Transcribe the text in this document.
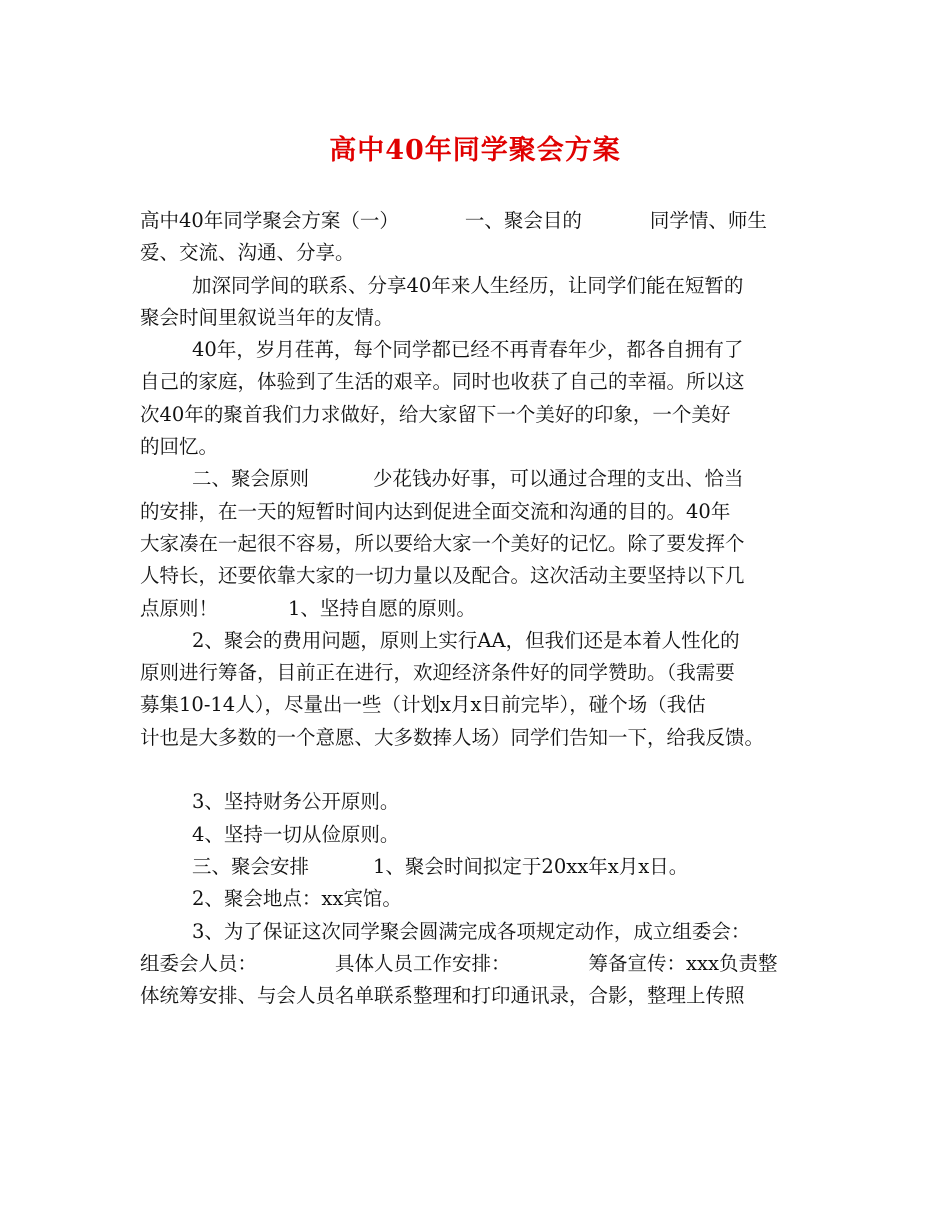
高中40年同学聚会方案
高中40年同学聚会方案（一）	一、聚会目的	同学情、师生
爱、交流、沟通、分享。
加深同学间的联系、分享40年来人生经历，让同学们能在短暂的
聚会时间里叙说当年的友情。
40年，岁月荏苒，每个同学都已经不再青春年少，都各自拥有了
自己的家庭，体验到了生活的艰辛。同时也收获了自己的幸福。所以这
次40年的聚首我们力求做好，给大家留下一个美好的印象，一个美好
的回忆。
二、聚会原则	少花钱办好事，可以通过合理的支出、恰当
的安排，在一天的短暂时间内达到促进全面交流和沟通的目的。40年
大家凑在一起很不容易，所以要给大家一个美好的记忆。除了要发挥个
人特长，还要依靠大家的一切力量以及配合。这次活动主要坚持以下几
点原则！	1、坚持自愿的原则。
2、聚会的费用问题，原则上实行AA，但我们还是本着人性化的
原则进行筹备，目前正在进行，欢迎经济条件好的同学赞助。（我需要
募集10-14人），尽量出一些（计划x月x日前完毕），碰个场（我估
计也是大多数的一个意愿、大多数捧人场）同学们告知一下，给我反馈。
3、坚持财务公开原则。
4、坚持一切从俭原则。
三、聚会安排	1、聚会时间拟定于20xx年x月x日。
2、聚会地点：xx宾馆。
3、为了保证这次同学聚会圆满完成各项规定动作，成立组委会：
组委会人员：	具体人员工作安排：	筹备宣传：xxx负责整
体统筹安排、与会人员名单联系整理和打印通讯录，合影，整理上传照
